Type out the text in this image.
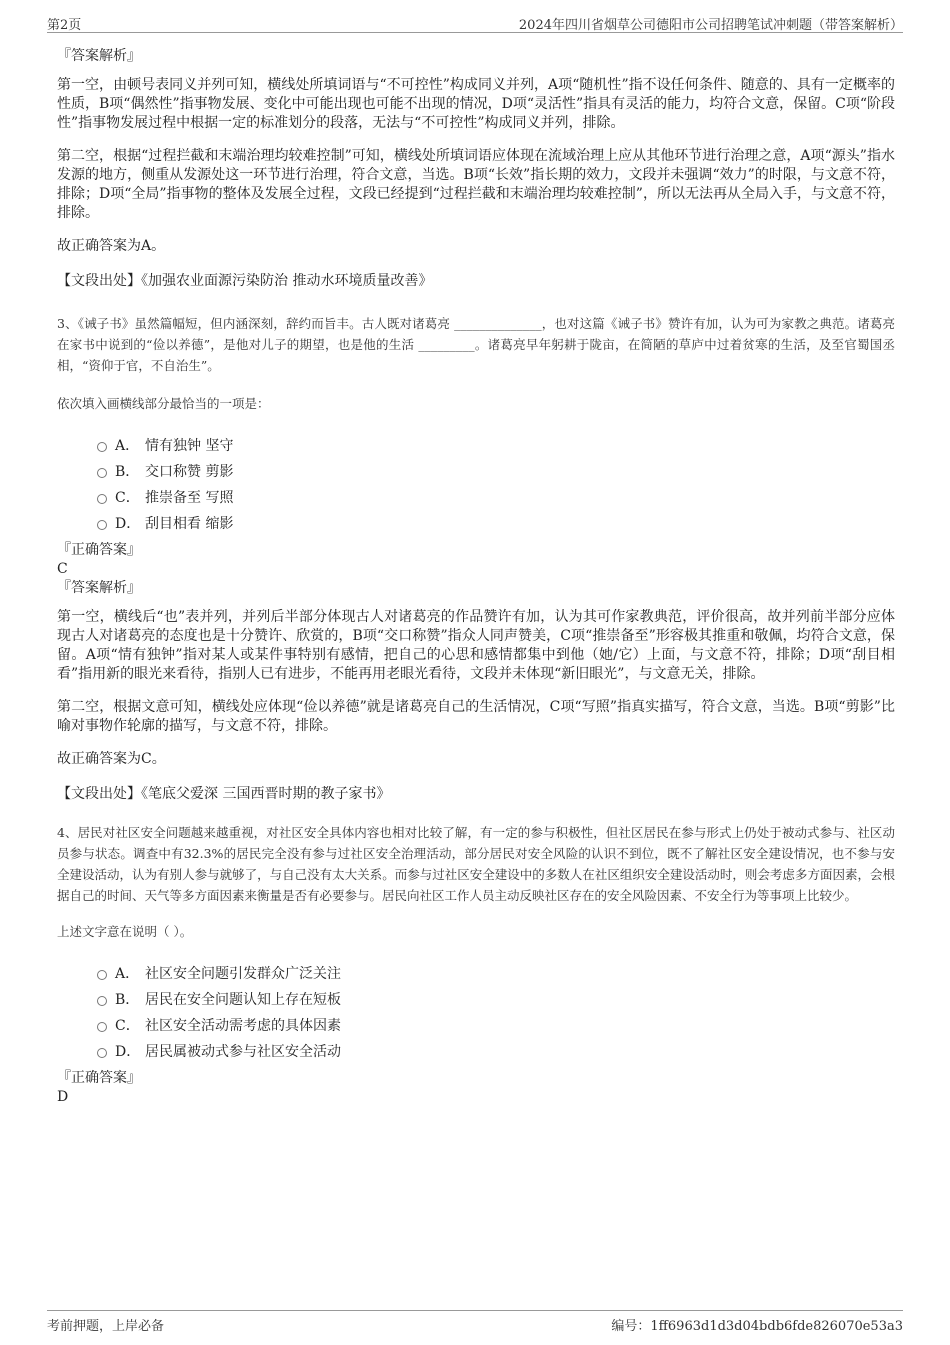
第2页	2024年四川省烟草公司德阳市公司招聘笔试冲刺题（带答案解析）

『答案解析』

第一空，由顿号表同义并列可知，横线处所填词语与“不可控性”构成同义并列，A项“随机性”指不设任何条件、随意的、具有一定概率的性质，B项“偶然性”指事物发展、变化中可能出现也可能不出现的情况，D项“灵活性”指具有灵活的能力，均符合文意，保留。C项“阶段性”指事物发展过程中根据一定的标准划分的段落，无法与“不可控性”构成同义并列，排除。

第二空，根据“过程拦截和末端治理均较难控制”可知，横线处所填词语应体现在流域治理上应从其他环节进行治理之意，A项“源头”指水发源的地方，侧重从发源处这一环节进行治理，符合文意，当选。B项“长效”指长期的效力，文段并未强调“效力”的时限，与文意不符，排除；D项“全局”指事物的整体及发展全过程，文段已经提到“过程拦截和末端治理均较难控制”，所以无法再从全局入手，与文意不符，排除。

故正确答案为A。

【文段出处】《加强农业面源污染防治 推动水环境质量改善》

3、《诫子书》虽然篇幅短，但内涵深刻，辞约而旨丰。古人既对诸葛亮 ______________，也对这篇《诫子书》赞许有加，认为可为家教之典范。诸葛亮在家书中说到的“俭以养德”，是他对儿子的期望，也是他的生活 _________。诸葛亮早年躬耕于陇亩，在简陋的草庐中过着贫寒的生活，及至官蜀国丞相，“资仰于官，不自治生”。

依次填入画横线部分最恰当的一项是：

A． 情有独钟 坚守
B． 交口称赞 剪影
C． 推崇备至 写照
D． 刮目相看 缩影

『正确答案』

C

『答案解析』

第一空，横线后“也”表并列，并列后半部分体现古人对诸葛亮的作品赞许有加，认为其可作家教典范，评价很高，故并列前半部分应体现古人对诸葛亮的态度也是十分赞许、欣赏的，B项“交口称赞”指众人同声赞美，C项“推崇备至”形容极其推重和敬佩，均符合文意，保留。A项“情有独钟”指对某人或某件事特别有感情，把自己的心思和感情都集中到他（她/它）上面，与文意不符，排除；D项“刮目相看”指用新的眼光来看待，指别人已有进步，不能再用老眼光看待，文段并未体现“新旧眼光”，与文意无关，排除。

第二空，根据文意可知，横线处应体现“俭以养德”就是诸葛亮自己的生活情况，C项“写照”指真实描写，符合文意，当选。B项“剪影”比喻对事物作轮廓的描写，与文意不符，排除。

故正确答案为C。

【文段出处】《笔底父爱深 三国西晋时期的教子家书》

4、居民对社区安全问题越来越重视，对社区安全具体内容也相对比较了解，有一定的参与积极性，但社区居民在参与形式上仍处于被动式参与、社区动员参与状态。调查中有32.3%的居民完全没有参与过社区安全治理活动，部分居民对安全风险的认识不到位，既不了解社区安全建设情况，也不参与安全建设活动，认为有别人参与就够了，与自己没有太大关系。而参与过社区安全建设中的多数人在社区组织安全建设活动时，则会考虑多方面因素，会根据自己的时间、天气等多方面因素来衡量是否有必要参与。居民向社区工作人员主动反映社区存在的安全风险因素、不安全行为等事项上比较少。

上述文字意在说明（ ）。

A． 社区安全问题引发群众广泛关注
B． 居民在安全问题认知上存在短板
C． 社区安全活动需考虑的具体因素
D． 居民属被动式参与社区安全活动

『正确答案』

D

考前押题，上岸必备	编号：1ff6963d1d3d04bdb6fde826070e53a3
